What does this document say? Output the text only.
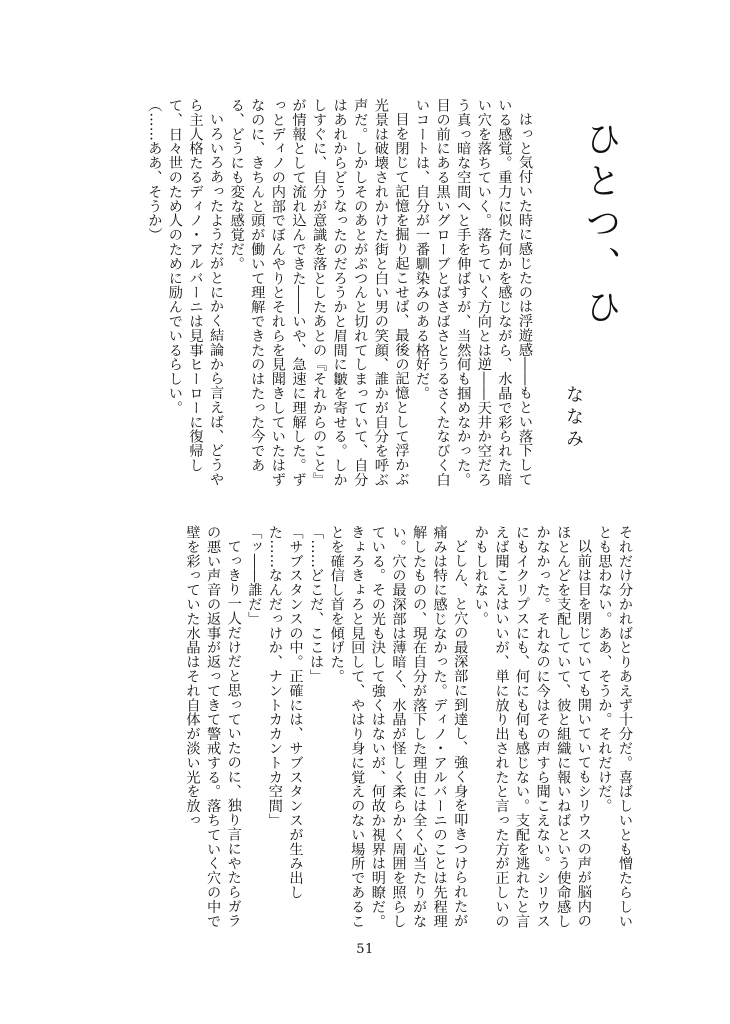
ひとつ、ひ
ななみ

はっと気付いた時に感じたのは浮遊感――もとい落下している感覚。重力に似た何かを感じながら、水晶で彩られた暗い穴を落ちていく。落ちていく方向とは逆――天井か空だろう真っ暗な空間へと手を伸ばすが、当然何も掴めなかった。目の前にある黒いグローブとばさばさとうるさくたなびく白いコートは、自分が一番馴染みのある格好だ。

目を閉じて記憶を掘り起こせば、最後の記憶として浮かぶ光景は破壊されかけた街と白い男の笑顔、誰かが自分を呼ぶ声だ。しかしそのあとがぷつんと切れてしまっていて、自分はあれからどうなったのだろうかと眉間に皺を寄せる。しかしすぐに、自分が意識を落としたあとの『それからのこと』が情報として流れ込んできた――いや、急速に理解した。ずっとディノの内部でぼんやりとそれらを見聞きしていたはずなのに、きちんと頭が働いて理解できたのはたった今である、どうにも変な感覚だ。

いろいろあったようだがとにかく結論から言えば、どうやら主人格たるディノ・アルバーニは見事ヒーローに復帰して、日々世のため人のために励んでいるらしい。

（……ああ、そうか）

それだけ分かればとりあえず十分だ。喜ばしいとも憎たらしいとも思わない。ああ、そうか。それだけだ。

以前は目を閉じていても開いていてもシリウスの声が脳内のほとんどを支配していて、彼と組織に報いねばという使命感しかなかった。それなのに今はその声すら聞こえない。シリウスにもイクリプスにも、何にも何も感じない。支配を逃れたと言えば聞こえはいいが、単に放り出されたと言った方が正しいのかもしれない。

どしん、と穴の最深部に到達し、強く身を叩きつけられたが痛みは特に感じなかった。ディノ・アルバーニのことは先程理解したものの、現在自分が落下した理由には全く心当たりがない。穴の最深部は薄暗く、水晶が怪しく柔らかく周囲を照らしている。その光も決して強くはないが、何故か視界は明瞭だ。きょろきょろと見回して、やはり身に覚えのない場所であることを確信し首を傾げた。

「……どこだ、ここは」

「サブスタンスの中。正確には、サブスタンスが生み出した……なんだっけか、ナントカカントカ空間」

「ッ――誰だ」

てっきり一人だけだと思っていたのに、独り言にやたらガラの悪い声音の返事が返ってきて警戒する。落ちていく穴の中で壁を彩っていた水晶はそれ自体が淡い光を放っ

51
